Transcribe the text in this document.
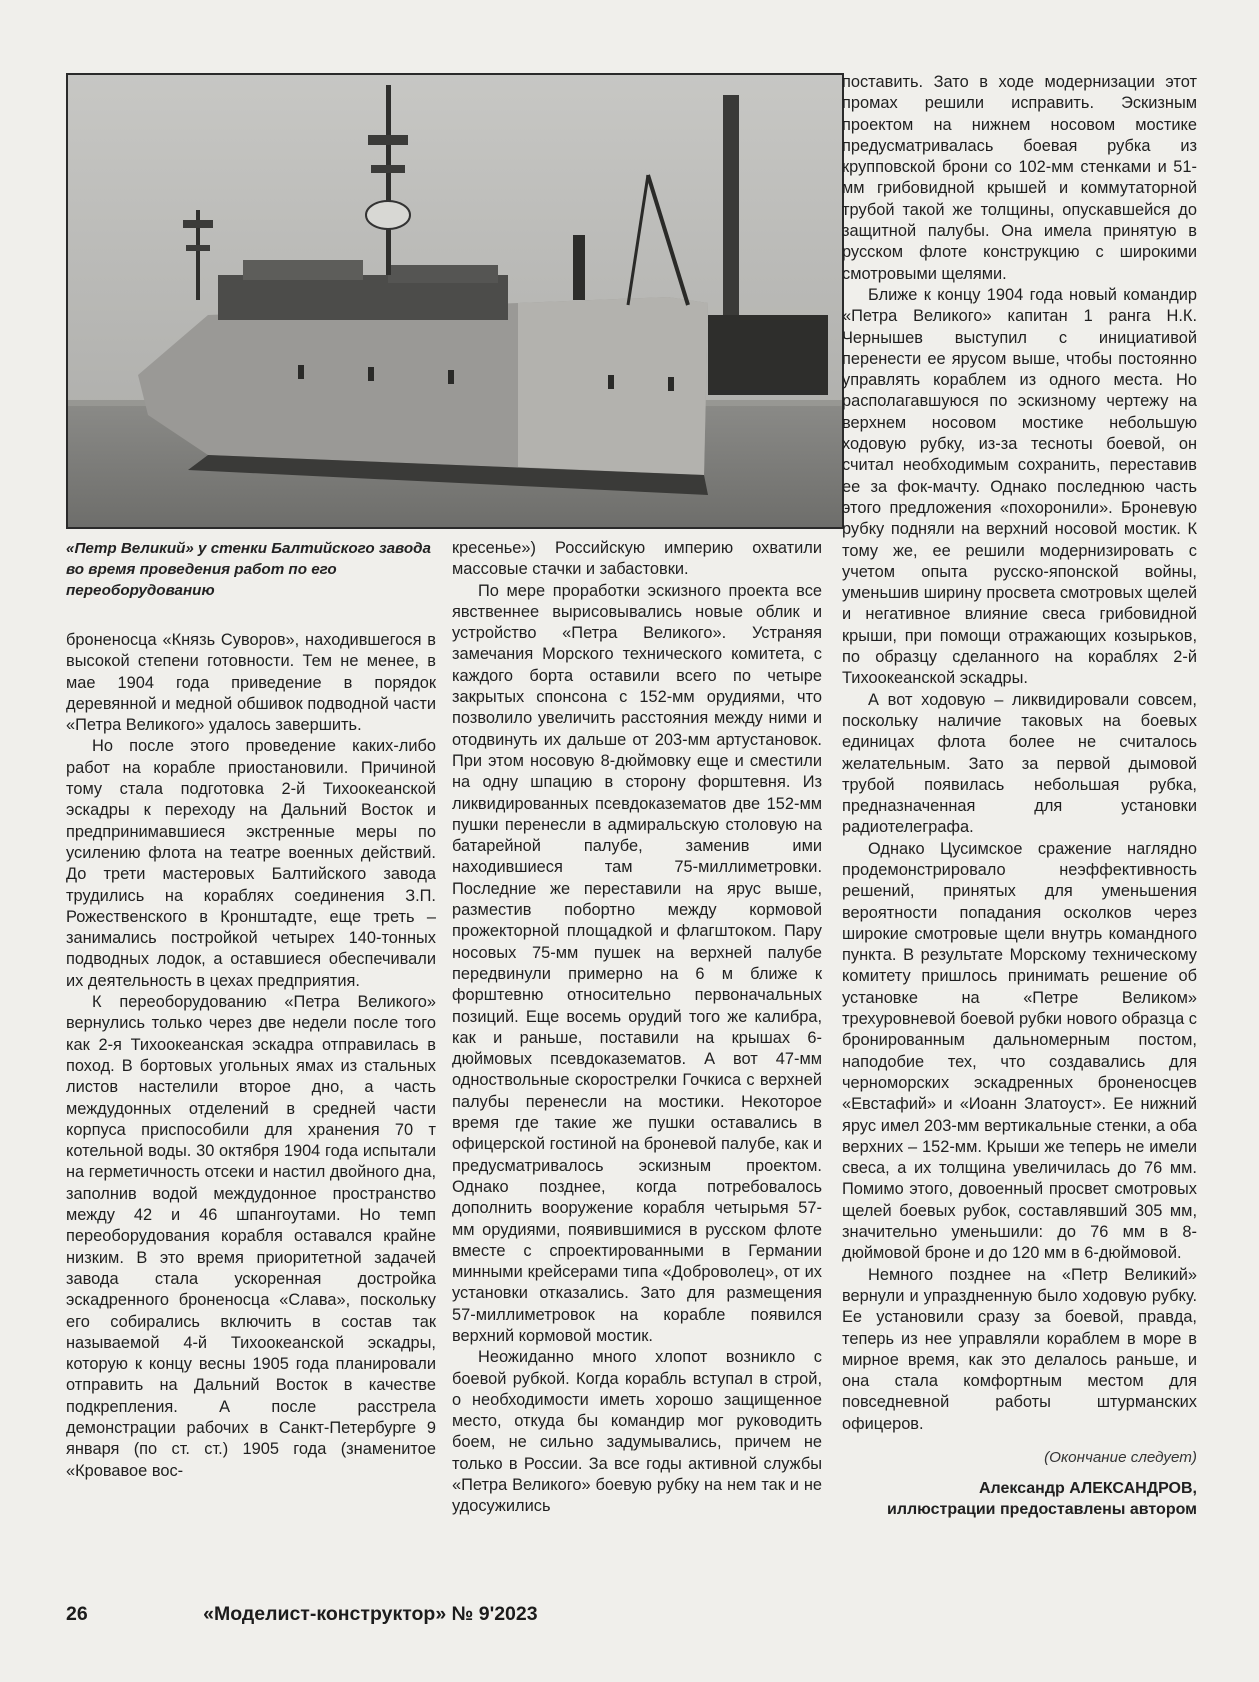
«Петр Великий» у стенки Балтийского завода во время проведения работ по его переоборудованию

броненосца «Князь Суворов», находившегося в высокой степени готовности. Тем не менее, в мае 1904 года приведение в порядок деревянной и медной обшивок подводной части «Петра Великого» удалось завершить.

Но после этого проведение каких-либо работ на корабле приостановили. Причиной тому стала подготовка 2-й Тихоокеанской эскадры к переходу на Дальний Восток и предпринимавшиеся экстренные меры по усилению флота на театре военных действий. До трети мастеровых Балтийского завода трудились на кораблях соединения З.П. Рожественского в Кронштадте, еще треть – занимались постройкой четырех 140-тонных подводных лодок, а оставшиеся обеспечивали их деятельность в цехах предприятия.

К переоборудованию «Петра Великого» вернулись только через две недели после того как 2-я Тихоокеанская эскадра отправилась в поход. В бортовых угольных ямах из стальных листов настелили второе дно, а часть междудонных отделений в средней части корпуса приспособили для хранения 70 т котельной воды. 30 октября 1904 года испытали на герметичность отсеки и настил двойного дна, заполнив водой междудонное пространство между 42 и 46 шпангоутами. Но темп переоборудования корабля оставался крайне низким. В это время приоритетной задачей завода стала ускоренная достройка эскадренного броненосца «Слава», поскольку его собирались включить в состав так называемой 4-й Тихоокеанской эскадры, которую к концу весны 1905 года планировали отправить на Дальний Восток в качестве подкрепления. А после расстрела демонстрации рабочих в Санкт-Петербурге 9 января (по ст. ст.) 1905 года (знаменитое «Кровавое вос-

кресенье») Российскую империю охватили массовые стачки и забастовки.

По мере проработки эскизного проекта все явственнее вырисовывались новые облик и устройство «Петра Великого». Устраняя замечания Морского технического комитета, с каждого борта оставили всего по четыре закрытых спонсона с 152-мм орудиями, что позволило увеличить расстояния между ними и отодвинуть их дальше от 203-мм артустановок. При этом носовую 8-дюймовку еще и сместили на одну шпацию в сторону форштевня. Из ликвидированных псевдоказематов две 152-мм пушки перенесли в адмиральскую столовую на батарейной палубе, заменив ими находившиеся там 75-миллиметровки. Последние же переставили на ярус выше, разместив побортно между кормовой прожекторной площадкой и флагштоком. Пару носовых 75-мм пушек на верхней палубе передвинули примерно на 6 м ближе к форштевню относительно первоначальных позиций. Еще восемь орудий того же калибра, как и раньше, поставили на крышах 6-дюймовых псевдоказематов. А вот 47-мм одноствольные скорострелки Гочкиса с верхней палубы перенесли на мостики. Некоторое время где такие же пушки оставались в офицерской гостиной на броневой палубе, как и предусматривалось эскизным проектом. Однако позднее, когда потребовалось дополнить вооружение корабля четырьмя 57-мм орудиями, появившимися в русском флоте вместе с спроектированными в Германии минными крейсерами типа «Доброволец», от их установки отказались. Зато для размещения 57-миллиметровок на корабле появился верхний кормовой мостик.

Неожиданно много хлопот возникло с боевой рубкой. Когда корабль вступал в строй, о необходимости иметь хорошо защищенное место, откуда бы командир мог руководить боем, не сильно задумывались, причем не только в России. За все годы активной службы «Петра Великого» боевую рубку на нем так и не удосужились

поставить. Зато в ходе модернизации этот промах решили исправить. Эскизным проектом на нижнем носовом мостике предусматривалась боевая рубка из крупповской брони со 102-мм стенками и 51-мм грибовидной крышей и коммутаторной трубой такой же толщины, опускавшейся до защитной палубы. Она имела принятую в русском флоте конструкцию с широкими смотровыми щелями.

Ближе к концу 1904 года новый командир «Петра Великого» капитан 1 ранга Н.К. Чернышев выступил с инициативой перенести ее ярусом выше, чтобы постоянно управлять кораблем из одного места. Но располагавшуюся по эскизному чертежу на верхнем носовом мостике небольшую ходовую рубку, из-за тесноты боевой, он считал необходимым сохранить, переставив ее за фок-мачту. Однако последнюю часть этого предложения «похоронили». Броневую рубку подняли на верхний носовой мостик. К тому же, ее решили модернизировать с учетом опыта русско-японской войны, уменьшив ширину просвета смотровых щелей и негативное влияние свеса грибовидной крыши, при помощи отражающих козырьков, по образцу сделанного на кораблях 2-й Тихоокеанской эскадры.

А вот ходовую – ликвидировали совсем, поскольку наличие таковых на боевых единицах флота более не считалось желательным. Зато за первой дымовой трубой появилась небольшая рубка, предназначенная для установки радиотелеграфа.

Однако Цусимское сражение наглядно продемонстрировало неэффективность решений, принятых для уменьшения вероятности попадания осколков через широкие смотровые щели внутрь командного пункта. В результате Морскому техническому комитету пришлось принимать решение об установке на «Петре Великом» трехуровневой боевой рубки нового образца с бронированным дальномерным постом, наподобие тех, что создавались для черноморских эскадренных броненосцев «Евстафий» и «Иоанн Златоуст». Ее нижний ярус имел 203-мм вертикальные стенки, а оба верхних – 152-мм. Крыши же теперь не имели свеса, а их толщина увеличилась до 76 мм. Помимо этого, довоенный просвет смотровых щелей боевых рубок, составлявший 305 мм, значительно уменьшили: до 76 мм в 8-дюймовой броне и до 120 мм в 6-дюймовой.

Немного позднее на «Петр Великий» вернули и упраздненную было ходовую рубку. Ее установили сразу за боевой, правда, теперь из нее управляли кораблем в море в мирное время, как это делалось раньше, и она стала комфортным местом для повседневной работы штурманских офицеров.

(Окончание следует)
Александр АЛЕКСАНДРОВ,
иллюстрации предоставлены автором
26	«Моделист-конструктор» № 9'2023
